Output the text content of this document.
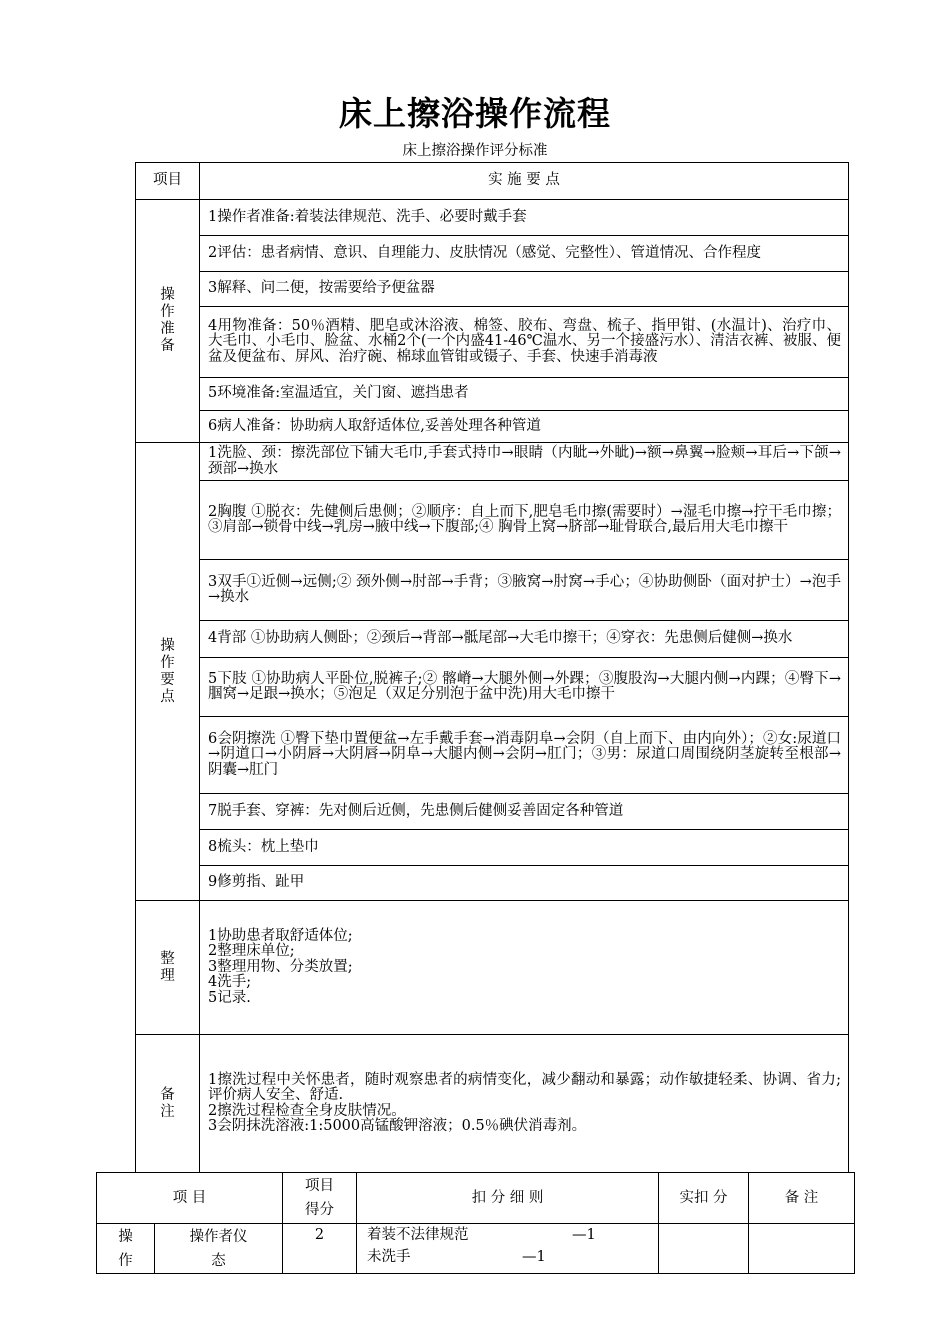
床上擦浴操作流程
床上擦浴操作评分标准
项目	实 施 要 点
操作准备	1操作者准备:着装法律规范、洗手、必要时戴手套
	2评估：患者病情、意识、自理能力、皮肤情况（感觉、完整性）、管道情况、合作程度
	3解释、问二便，按需要给予便盆器
	4用物准备：50％酒精、肥皂或沐浴液、棉签、胶布、弯盘、梳子、指甲钳、(水温计)、治疗巾、大毛巾、小毛巾、脸盆、水桶2个(一个内盛41-46℃温水、另一个接盛污水）、清洁衣裤、被服、便盆及便盆布、屏风、治疗碗、棉球血管钳或镊子、手套、快速手消毒液
	5环境准备:室温适宜，关门窗、遮挡患者
	6病人准备：协助病人取舒适体位,妥善处理各种管道
操作要点	1洗脸、颈：擦洗部位下铺大毛巾,手套式持巾→眼睛（内眦→外眦)→额→鼻翼→脸颊→耳后→下颌→颈部→换水
	2胸腹 ①脱衣：先健侧后患侧；②顺序：自上而下,肥皂毛巾擦(需要时）→湿毛巾擦→拧干毛巾擦；③肩部→锁骨中线→乳房→腋中线→下腹部;④ 胸骨上窝→脐部→耻骨联合,最后用大毛巾擦干
	3双手①近侧→远侧;② 颈外侧→肘部→手背；③腋窝→肘窝→手心；④协助侧卧（面对护士）→泡手→换水
	4背部 ①协助病人侧卧；②颈后→背部→骶尾部→大毛巾擦干；④穿衣：先患侧后健侧→换水
	5下肢 ①协助病人平卧位,脱裤子;② 髂嵴→大腿外侧→外踝；③腹股沟→大腿内侧→内踝；④臀下→腘窝→足跟→换水；⑤泡足（双足分别泡于盆中洗)用大毛巾擦干
	6会阴擦洗 ①臀下垫巾置便盆→左手戴手套→消毒阴阜→会阴（自上而下、由内向外）；②女:尿道口→阴道口→小阴唇→大阴唇→阴阜→大腿内侧→会阴→肛门；③男：尿道口周围绕阴茎旋转至根部→阴囊→肛门
	7脱手套、穿裤：先对侧后近侧，先患侧后健侧妥善固定各种管道
	8梳头：枕上垫巾
	9修剪指、趾甲
整理	1协助患者取舒适体位;
2整理床单位;
3整理用物、分类放置;
4洗手;
5记录.

备注	1擦洗过程中关怀患者，随时观察患者的病情变化，减少翻动和暴露；动作敏捷轻柔、协调、省力;评价病人安全、舒适.
2擦洗过程检查全身皮肤情况。
3会阴抹洗溶液:1:5000高锰酸钾溶液；0.5％碘伏消毒剂。
项 目		项目得分	扣 分 细 则	实扣 分	备 注
操作	操作者仪 态	2	着装不法律规范 —1
未洗手 —1		
